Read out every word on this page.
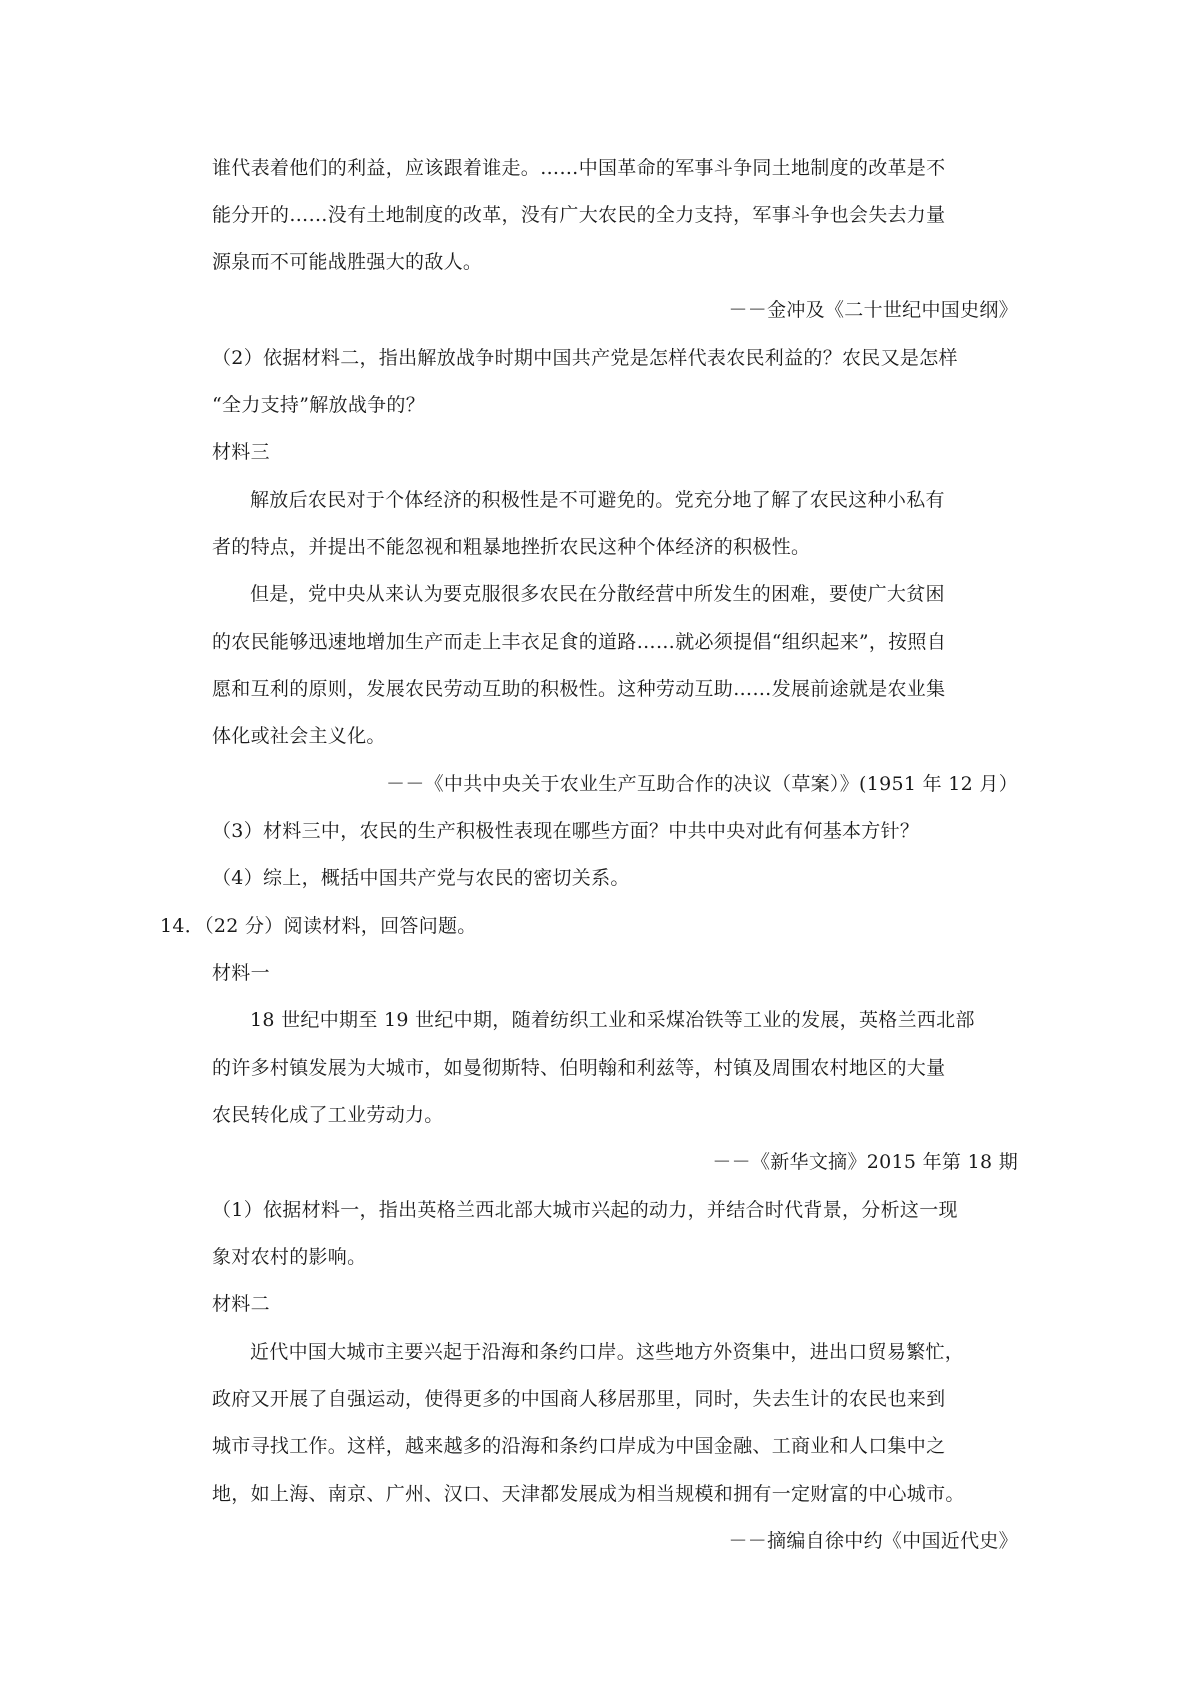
谁代表着他们的利益，应该跟着谁走。……中国革命的军事斗争同土地制度的改革是不
能分开的……没有土地制度的改革，没有广大农民的全力支持，军事斗争也会失去力量
源泉而不可能战胜强大的敌人。
－－金冲及《二十世纪中国史纲》
（2）依据材料二，指出解放战争时期中国共产党是怎样代表农民利益的？农民又是怎样
“全力支持”解放战争的？
材料三
解放后农民对于个体经济的积极性是不可避免的。党充分地了解了农民这种小私有
者的特点，并提出不能忽视和粗暴地挫折农民这种个体经济的积极性。
但是，党中央从来认为要克服很多农民在分散经营中所发生的困难，要使广大贫困
的农民能够迅速地增加生产而走上丰衣足食的道路……就必须提倡“组织起来”，按照自
愿和互利的原则，发展农民劳动互助的积极性。这种劳动互助……发展前途就是农业集
体化或社会主义化。
－－《中共中央关于农业生产互助合作的决议（草案）》(1951 年 12 月）
（3）材料三中，农民的生产积极性表现在哪些方面？中共中央对此有何基本方针？
（4）综上，概括中国共产党与农民的密切关系。
14．（22 分）阅读材料，回答问题。
材料一
18 世纪中期至 19 世纪中期，随着纺织工业和采煤冶铁等工业的发展，英格兰西北部
的许多村镇发展为大城市，如曼彻斯特、伯明翰和利兹等，村镇及周围农村地区的大量
农民转化成了工业劳动力。
－－《新华文摘》2015 年第 18 期
（1）依据材料一，指出英格兰西北部大城市兴起的动力，并结合时代背景，分析这一现
象对农村的影响。
材料二
近代中国大城市主要兴起于沿海和条约口岸。这些地方外资集中，进出口贸易繁忙，
政府又开展了自强运动，使得更多的中国商人移居那里，同时，失去生计的农民也来到
城市寻找工作。这样，越来越多的沿海和条约口岸成为中国金融、工商业和人口集中之
地，如上海、南京、广州、汉口、天津都发展成为相当规模和拥有一定财富的中心城市。
－－摘编自徐中约《中国近代史》
